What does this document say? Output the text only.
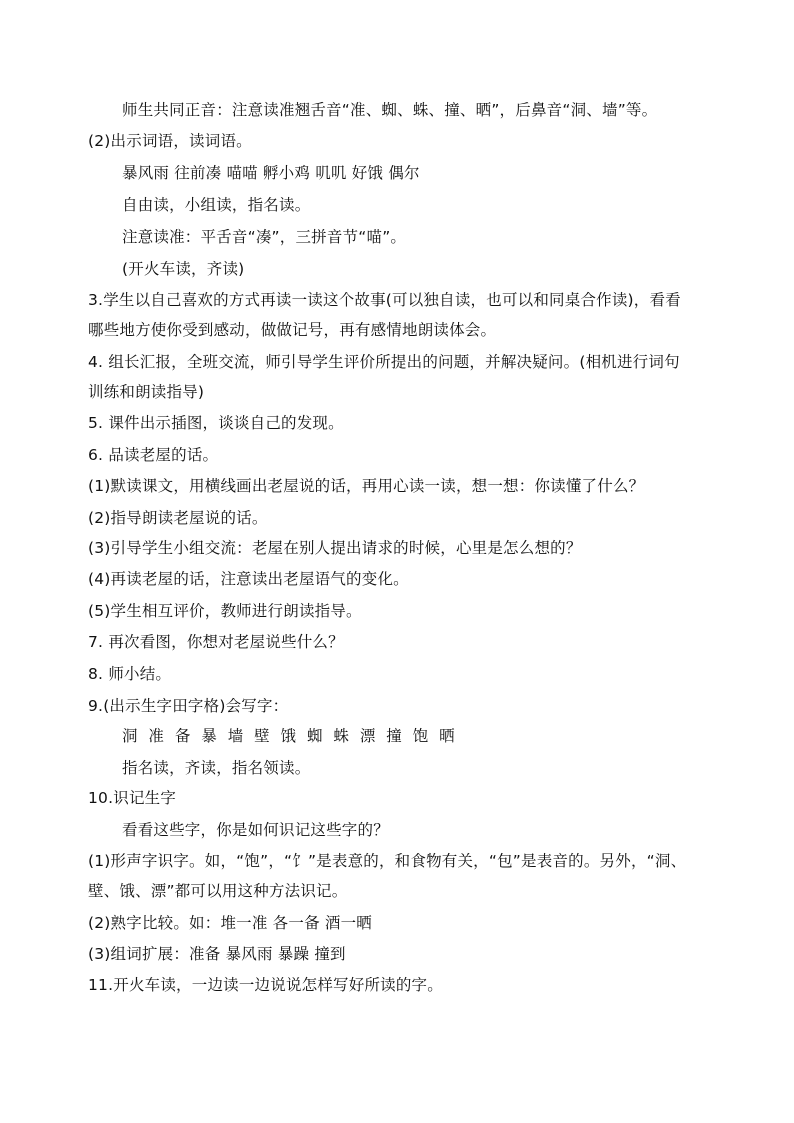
师生共同正音：注意读准翘舌音“准、蜘、蛛、撞、晒”，后鼻音“洞、墙”等。
(2)出示词语，读词语。
暴风雨 往前凑 喵喵 孵小鸡 叽叽 好饿 偶尔
自由读，小组读，指名读。
注意读准：平舌音“凑”，三拼音节“喵”。
(开火车读，齐读)
3.学生以自己喜欢的方式再读一读这个故事(可以独自读，也可以和同桌合作读)，看看
哪些地方使你受到感动，做做记号，再有感情地朗读体会。
4. 组长汇报，全班交流，师引导学生评价所提出的问题，并解决疑问。(相机进行词句
训练和朗读指导)
5. 课件出示插图，谈谈自己的发现。
6. 品读老屋的话。
(1)默读课文，用横线画出老屋说的话，再用心读一读，想一想：你读懂了什么？
(2)指导朗读老屋说的话。
(3)引导学生小组交流：老屋在别人提出请求的时候，心里是怎么想的？
(4)再读老屋的话，注意读出老屋语气的变化。
(5)学生相互评价，教师进行朗读指导。
7. 再次看图，你想对老屋说些什么？
8. 师小结。
9.(出示生字田字格)会写字：
洞 准 备 暴 墙 壁 饿 蜘 蛛 漂 撞 饱 晒
指名读，齐读，指名领读。
10.识记生字
看看这些字，你是如何识记这些字的？
(1)形声字识字。如，“饱”，“饣”是表意的，和食物有关，“包”是表音的。另外，“洞、
壁、饿、漂”都可以用这种方法识记。
(2)熟字比较。如：堆一准 各一备 酒一晒
(3)组词扩展：准备 暴风雨 暴躁 撞到
11.开火车读，一边读一边说说怎样写好所读的字。
